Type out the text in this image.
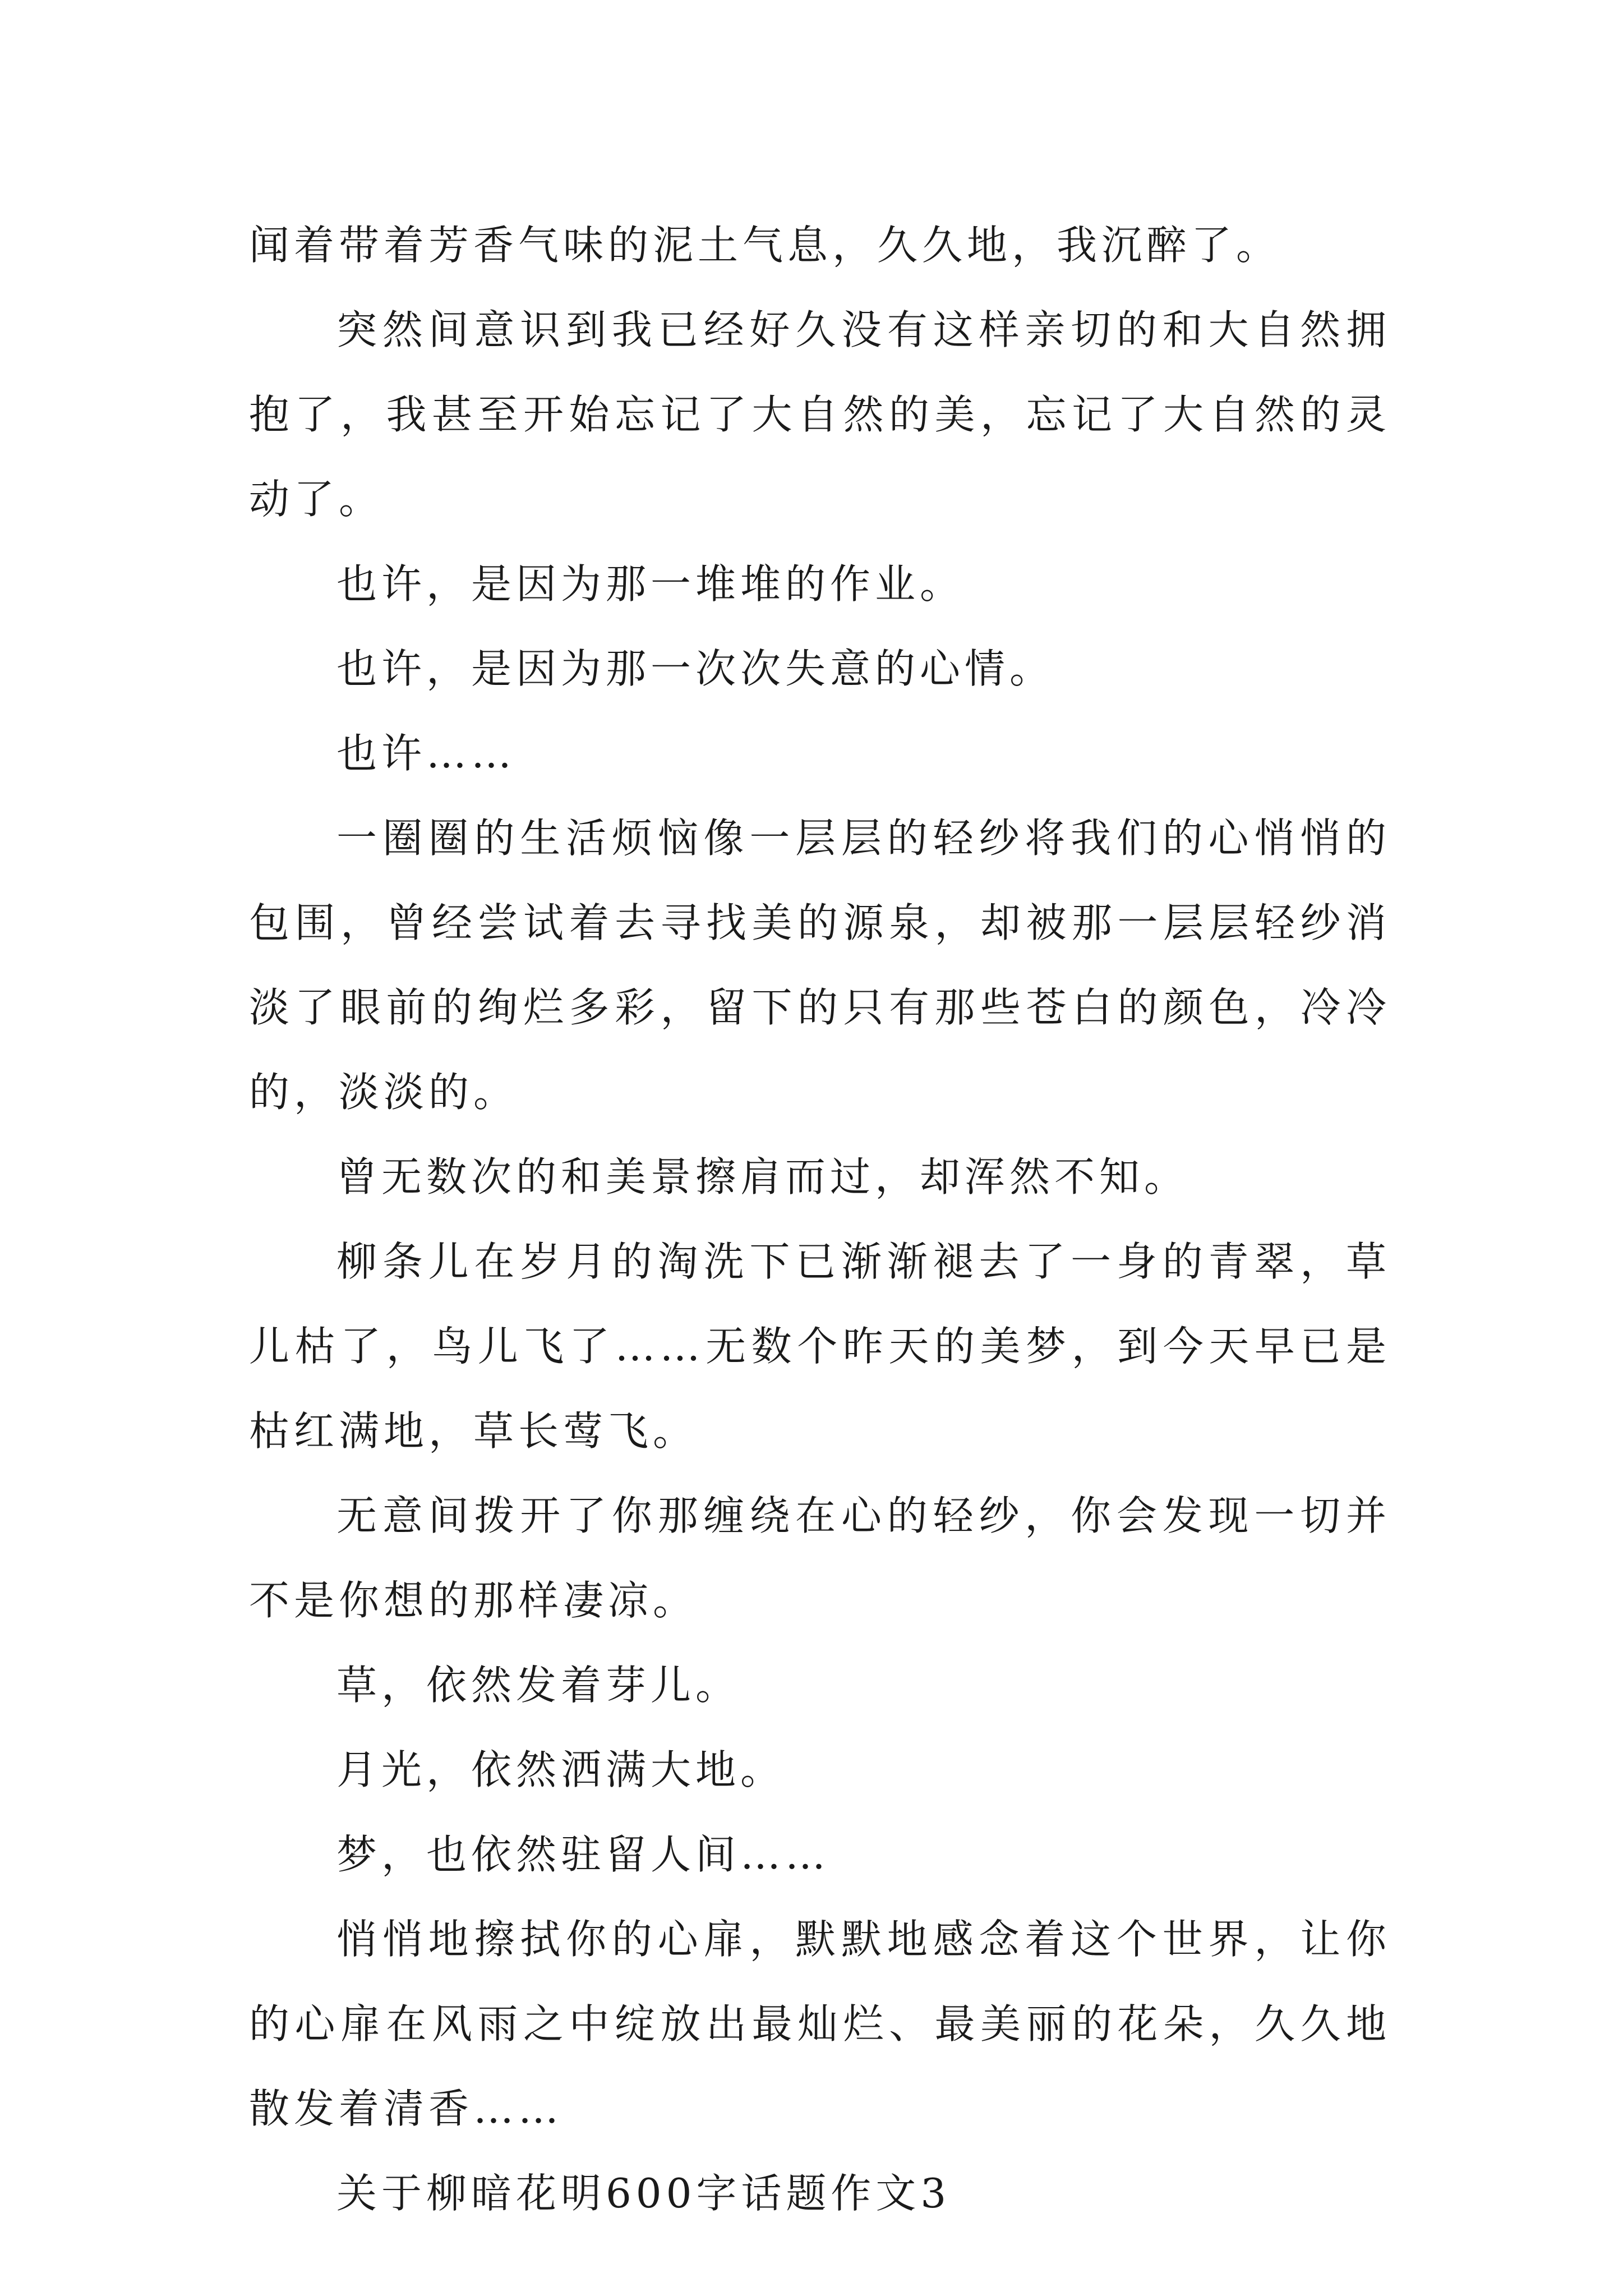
闻着带着芳香气味的泥土气息，久久地，我沉醉了。

突然间意识到我已经好久没有这样亲切的和大自然拥抱了，我甚至开始忘记了大自然的美，忘记了大自然的灵动了。

也许，是因为那一堆堆的作业。

也许，是因为那一次次失意的心情。

也许……

一圈圈的生活烦恼像一层层的轻纱将我们的心悄悄的包围，曾经尝试着去寻找美的源泉，却被那一层层轻纱消淡了眼前的绚烂多彩，留下的只有那些苍白的颜色，冷冷的，淡淡的。

曾无数次的和美景擦肩而过，却浑然不知。

柳条儿在岁月的淘洗下已渐渐褪去了一身的青翠，草儿枯了，鸟儿飞了……无数个昨天的美梦，到今天早已是枯红满地，草长莺飞。

无意间拨开了你那缠绕在心的轻纱，你会发现一切并不是你想的那样凄凉。

草，依然发着芽儿。

月光，依然洒满大地。

梦，也依然驻留人间……

悄悄地擦拭你的心扉，默默地感念着这个世界，让你的心扉在风雨之中绽放出最灿烂、最美丽的花朵，久久地散发着清香……

关于柳暗花明600字话题作文3
